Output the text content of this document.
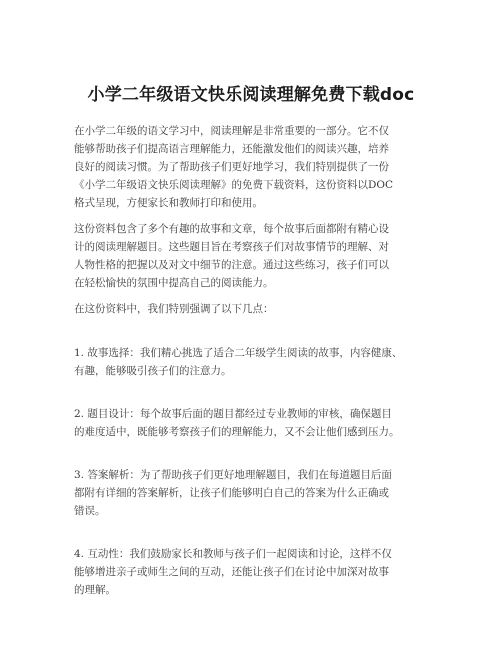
小学二年级语文快乐阅读理解免费下载doc

在小学二年级的语文学习中，阅读理解是非常重要的一部分。它不仅
能够帮助孩子们提高语言理解能力，还能激发他们的阅读兴趣，培养
良好的阅读习惯。为了帮助孩子们更好地学习，我们特别提供了一份
《小学二年级语文快乐阅读理解》的免费下载资料，这份资料以DOC
格式呈现，方便家长和教师打印和使用。

这份资料包含了多个有趣的故事和文章，每个故事后面都附有精心设
计的阅读理解题目。这些题目旨在考察孩子们对故事情节的理解、对
人物性格的把握以及对文中细节的注意。通过这些练习，孩子们可以
在轻松愉快的氛围中提高自己的阅读能力。

在这份资料中，我们特别强调了以下几点：

1. 故事选择：我们精心挑选了适合二年级学生阅读的故事，内容健康、
有趣，能够吸引孩子们的注意力。

2. 题目设计：每个故事后面的题目都经过专业教师的审核，确保题目
的难度适中，既能够考察孩子们的理解能力，又不会让他们感到压力。

3. 答案解析：为了帮助孩子们更好地理解题目，我们在每道题目后面
都附有详细的答案解析，让孩子们能够明白自己的答案为什么正确或
错误。

4. 互动性：我们鼓励家长和教师与孩子们一起阅读和讨论，这样不仅
能够增进亲子或师生之间的互动，还能让孩子们在讨论中加深对故事
的理解。
